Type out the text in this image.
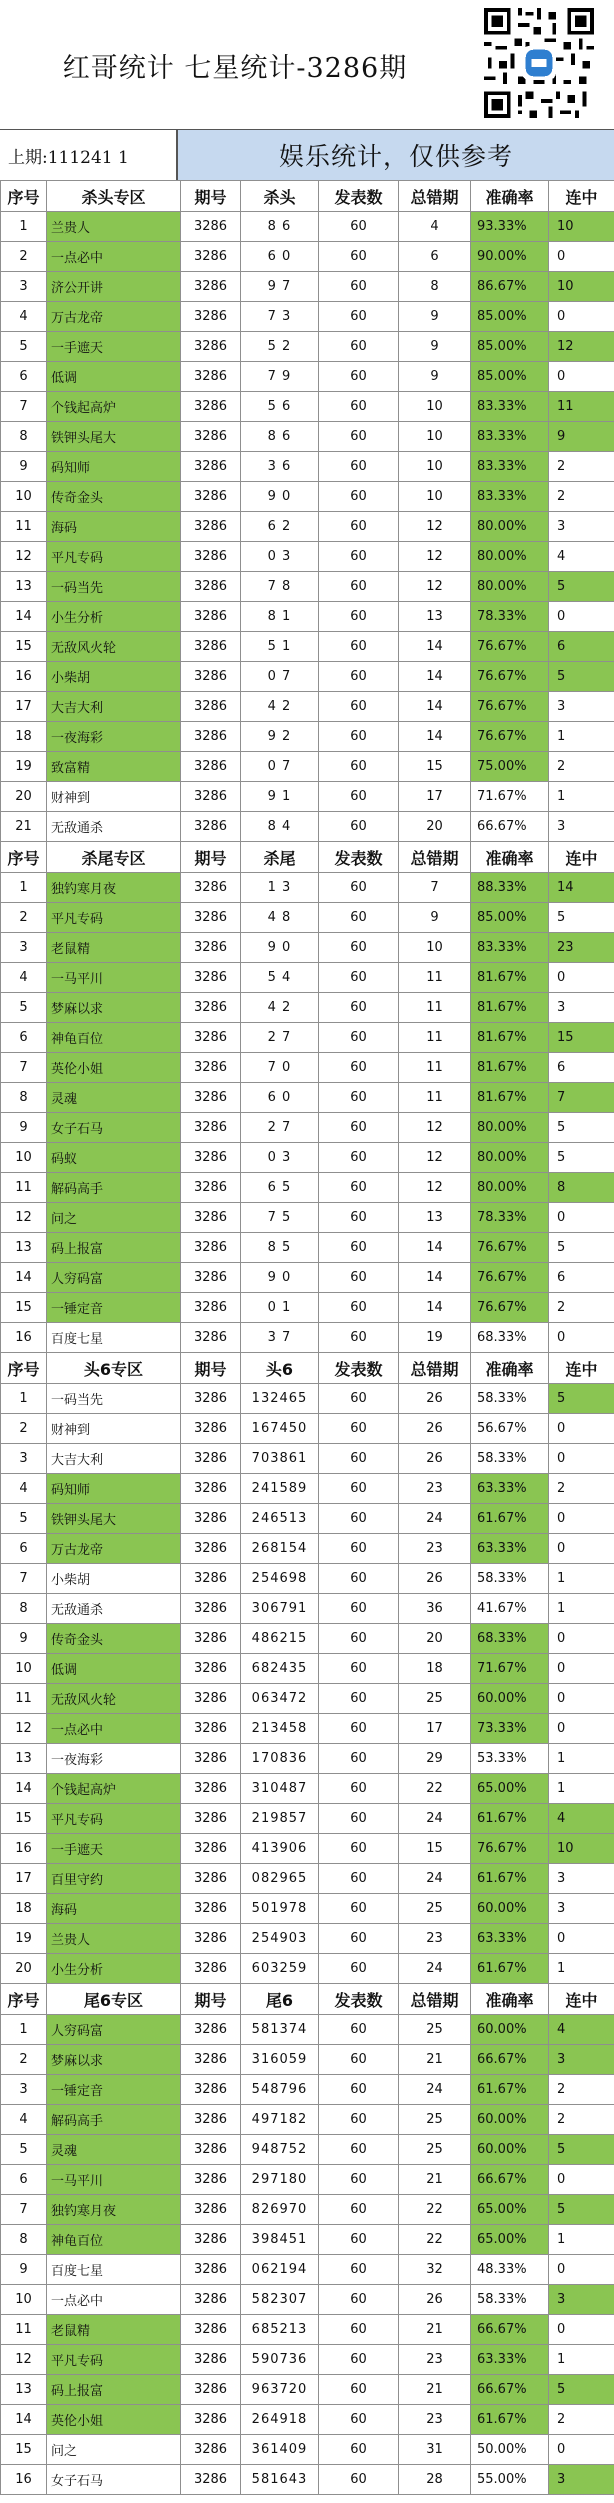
红哥统计 七星统计-3286期
上期:111241 1	娱乐统计，仅供参考
序号	杀头专区	期号	杀头	发表数	总错期	准确率	连中
1	兰贵人	3286	8 6	60	4	93.33%	10
2	一点必中	3286	6 0	60	6	90.00%	0
3	济公开讲	3286	9 7	60	8	86.67%	10
4	万古龙帝	3286	7 3	60	9	85.00%	0
5	一手遮天	3286	5 2	60	9	85.00%	12
6	低调	3286	7 9	60	9	85.00%	0
7	个钱起高炉	3286	5 6	60	10	83.33%	11
8	铁钾头尾大	3286	8 6	60	10	83.33%	9
9	码知师	3286	3 6	60	10	83.33%	2
10	传奇金头	3286	9 0	60	10	83.33%	2
11	海码	3286	6 2	60	12	80.00%	3
12	平凡专码	3286	0 3	60	12	80.00%	4
13	一码当先	3286	7 8	60	12	80.00%	5
14	小生分析	3286	8 1	60	13	78.33%	0
15	无敌风火轮	3286	5 1	60	14	76.67%	6
16	小柴胡	3286	0 7	60	14	76.67%	5
17	大吉大利	3286	4 2	60	14	76.67%	3
18	一夜海彩	3286	9 2	60	14	76.67%	1
19	致富精	3286	0 7	60	15	75.00%	2
20	财神到	3286	9 1	60	17	71.67%	1
21	无敌通杀	3286	8 4	60	20	66.67%	3
序号	杀尾专区	期号	杀尾	发表数	总错期	准确率	连中
1	独钓寒月夜	3286	1 3	60	7	88.33%	14
2	平凡专码	3286	4 8	60	9	85.00%	5
3	老鼠精	3286	9 0	60	10	83.33%	23
4	一马平川	3286	5 4	60	11	81.67%	0
5	梦麻以求	3286	4 2	60	11	81.67%	3
6	神龟百位	3286	2 7	60	11	81.67%	15
7	英伦小姐	3286	7 0	60	11	81.67%	6
8	灵魂	3286	6 0	60	11	81.67%	7
9	女子石马	3286	2 7	60	12	80.00%	5
10	码蚁	3286	0 3	60	12	80.00%	5
11	解码高手	3286	6 5	60	12	80.00%	8
12	问之	3286	7 5	60	13	78.33%	0
13	码上报富	3286	8 5	60	14	76.67%	5
14	人穷码富	3286	9 0	60	14	76.67%	6
15	一锤定音	3286	0 1	60	14	76.67%	2
16	百度七星	3286	3 7	60	19	68.33%	0
序号	头6专区	期号	头6	发表数	总错期	准确率	连中
1	一码当先	3286	132465	60	26	58.33%	5
2	财神到	3286	167450	60	26	56.67%	0
3	大吉大利	3286	703861	60	26	58.33%	0
4	码知师	3286	241589	60	23	63.33%	2
5	铁钾头尾大	3286	246513	60	24	61.67%	0
6	万古龙帝	3286	268154	60	23	63.33%	0
7	小柴胡	3286	254698	60	26	58.33%	1
8	无敌通杀	3286	306791	60	36	41.67%	1
9	传奇金头	3286	486215	60	20	68.33%	0
10	低调	3286	682435	60	18	71.67%	0
11	无敌风火轮	3286	063472	60	25	60.00%	0
12	一点必中	3286	213458	60	17	73.33%	0
13	一夜海彩	3286	170836	60	29	53.33%	1
14	个钱起高炉	3286	310487	60	22	65.00%	1
15	平凡专码	3286	219857	60	24	61.67%	4
16	一手遮天	3286	413906	60	15	76.67%	10
17	百里守约	3286	082965	60	24	61.67%	3
18	海码	3286	501978	60	25	60.00%	3
19	兰贵人	3286	254903	60	23	63.33%	0
20	小生分析	3286	603259	60	24	61.67%	1
序号	尾6专区	期号	尾6	发表数	总错期	准确率	连中
1	人穷码富	3286	581374	60	25	60.00%	4
2	梦麻以求	3286	316059	60	21	66.67%	3
3	一锤定音	3286	548796	60	24	61.67%	2
4	解码高手	3286	497182	60	25	60.00%	2
5	灵魂	3286	948752	60	25	60.00%	5
6	一马平川	3286	297180	60	21	66.67%	0
7	独钓寒月夜	3286	826970	60	22	65.00%	5
8	神龟百位	3286	398451	60	22	65.00%	1
9	百度七星	3286	062194	60	32	48.33%	0
10	一点必中	3286	582307	60	26	58.33%	3
11	老鼠精	3286	685213	60	21	66.67%	0
12	平凡专码	3286	590736	60	23	63.33%	1
13	码上报富	3286	963720	60	21	66.67%	5
14	英伦小姐	3286	264918	60	23	61.67%	2
15	问之	3286	361409	60	31	50.00%	0
16	女子石马	3286	581643	60	28	55.00%	3
